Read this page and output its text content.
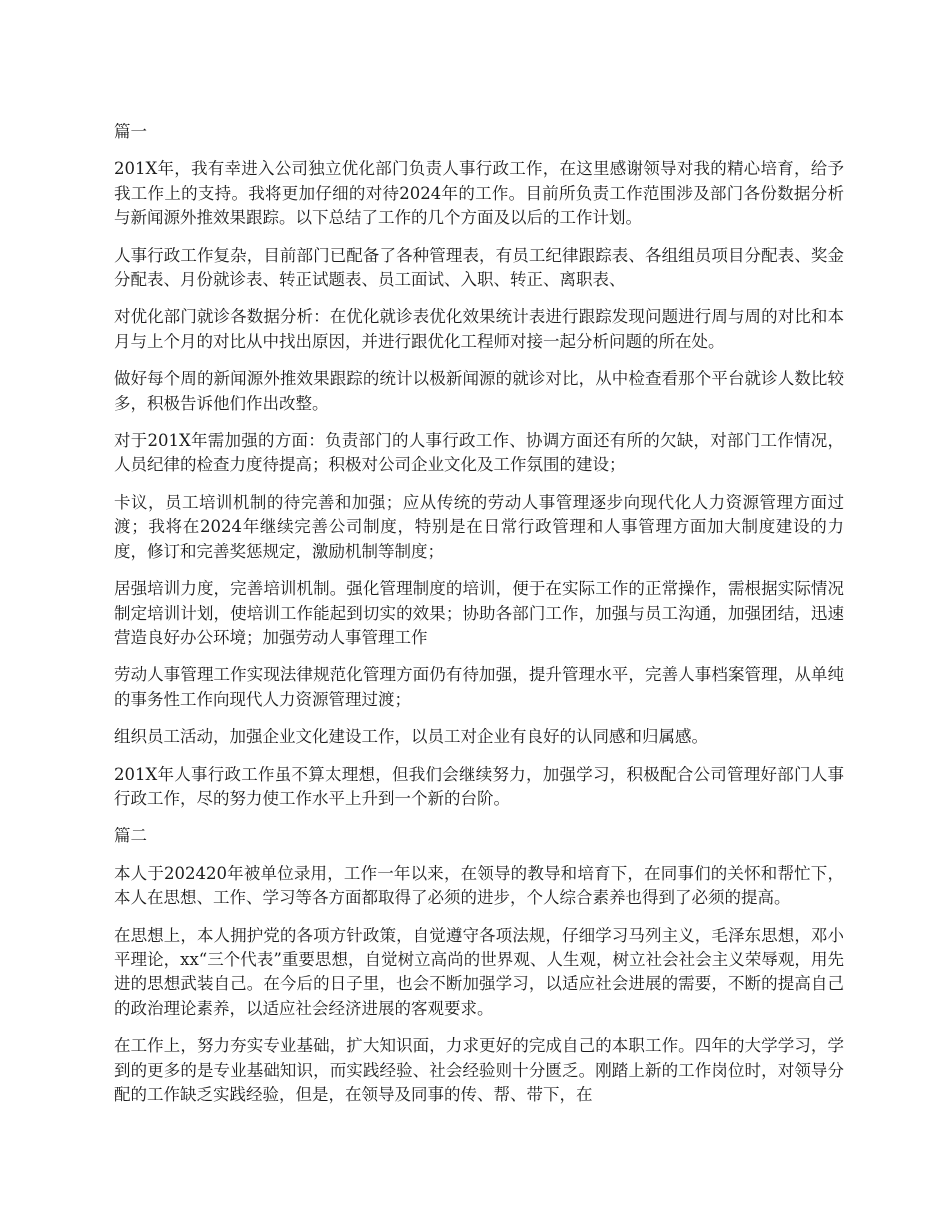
篇一

201X年，我有幸进入公司独立优化部门负责人事行政工作，在这里感谢领导对我的精心培育，给予我工作上的支持。我将更加仔细的对待2024年的工作。目前所负责工作范围涉及部门各份数据分析与新闻源外推效果跟踪。以下总结了工作的几个方面及以后的工作计划。

人事行政工作复杂，目前部门已配备了各种管理表，有员工纪律跟踪表、各组组员项目分配表、奖金分配表、月份就诊表、转正试题表、员工面试、入职、转正、离职表、

对优化部门就诊各数据分析：在优化就诊表优化效果统计表进行跟踪发现问题进行周与周的对比和本月与上个月的对比从中找出原因，并进行跟优化工程师对接一起分析问题的所在处。

做好每个周的新闻源外推效果跟踪的统计以极新闻源的就诊对比，从中检查看那个平台就诊人数比较多，积极告诉他们作出改整。

对于201X年需加强的方面：负责部门的人事行政工作、协调方面还有所的欠缺，对部门工作情况，人员纪律的检查力度待提高；积极对公司企业文化及工作氛围的建设；

卡议，员工培训机制的待完善和加强；应从传统的劳动人事管理逐步向现代化人力资源管理方面过渡；我将在2024年继续完善公司制度，特别是在日常行政管理和人事管理方面加大制度建设的力度，修订和完善奖惩规定，激励机制等制度；

居强培训力度，完善培训机制。强化管理制度的培训，便于在实际工作的正常操作，需根据实际情况制定培训计划，使培训工作能起到切实的效果；协助各部门工作，加强与员工沟通，加强团结，迅速营造良好办公环境；加强劳动人事管理工作

劳动人事管理工作实现法律规范化管理方面仍有待加强，提升管理水平，完善人事档案管理，从单纯的事务性工作向现代人力资源管理过渡；

组织员工活动，加强企业文化建设工作，以员工对企业有良好的认同感和归属感。

201X年人事行政工作虽不算太理想，但我们会继续努力，加强学习，积极配合公司管理好部门人事行政工作，尽的努力使工作水平上升到一个新的台阶。

篇二

本人于202420年被单位录用，工作一年以来，在领导的教导和培育下，在同事们的关怀和帮忙下，本人在思想、工作、学习等各方面都取得了必须的进步，个人综合素养也得到了必须的提高。

在思想上，本人拥护党的各项方针政策，自觉遵守各项法规，仔细学习马列主义，毛泽东思想，邓小平理论，xx“三个代表”重要思想，自觉树立高尚的世界观、人生观，树立社会社会主义荣辱观，用先进的思想武装自己。在今后的日子里，也会不断加强学习，以适应社会进展的需要，不断的提高自己的政治理论素养，以适应社会经济进展的客观要求。

在工作上，努力夯实专业基础，扩大知识面，力求更好的完成自己的本职工作。四年的大学学习，学到的更多的是专业基础知识，而实践经验、社会经验则十分匮乏。刚踏上新的工作岗位时，对领导分配的工作缺乏实践经验，但是，在领导及同事的传、帮、带下，在
